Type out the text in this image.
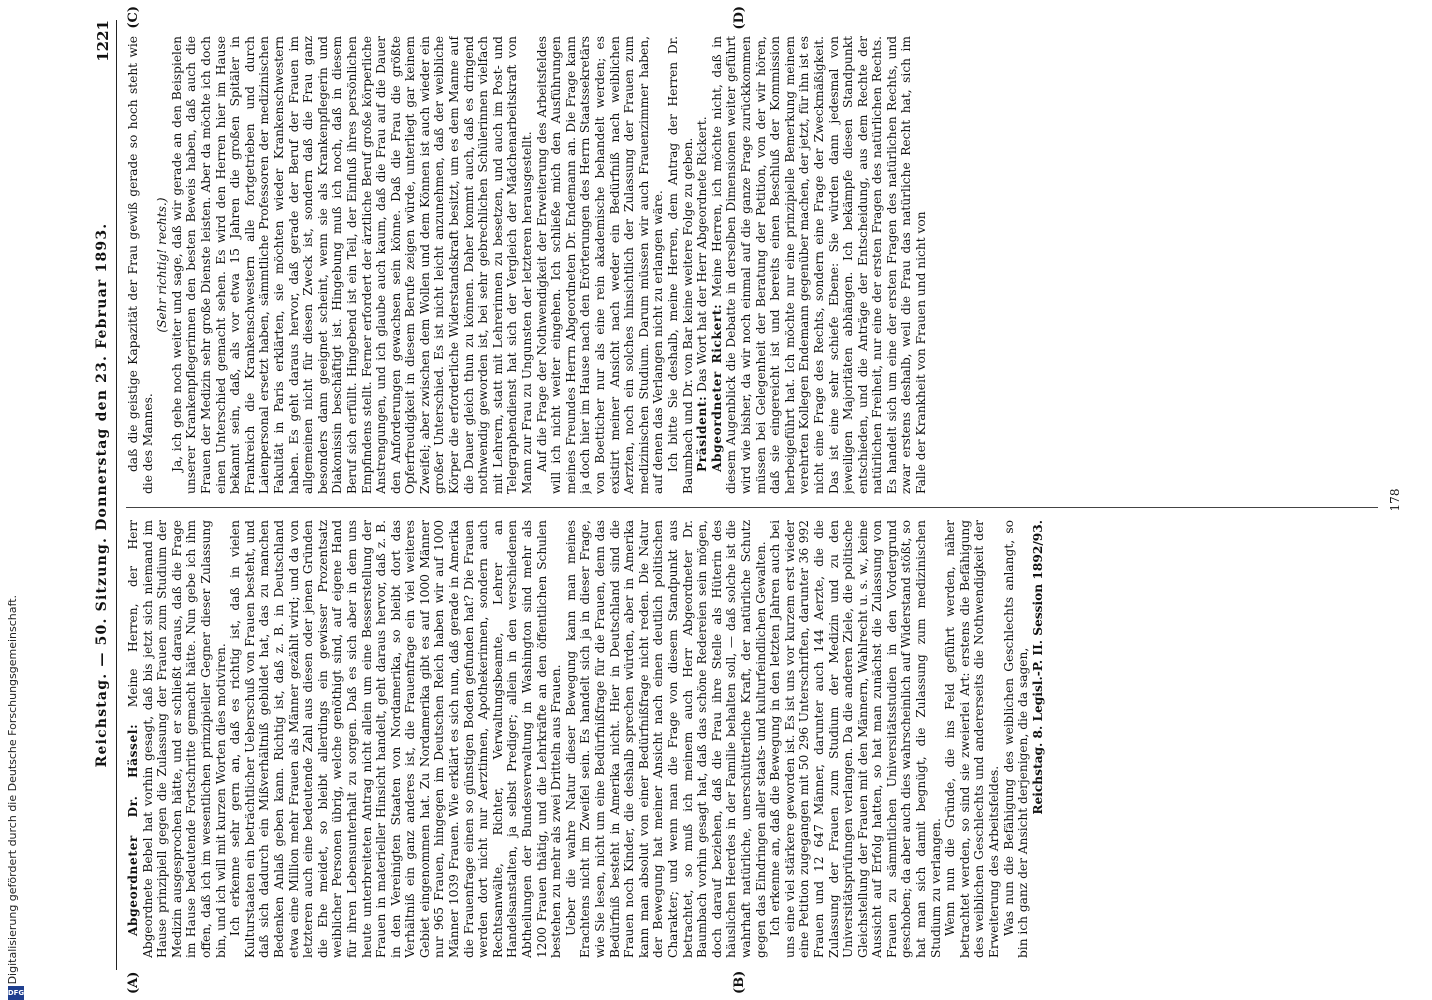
Digitalisierung gefördert durch die Deutsche Forschungsgemeinschaft.
DFG
Reichstag. — 50. Sitzung. Donnerstag den 23. Februar 1893.
1221
(A)	(B)
(C)	(D)

Abgeordneter Dr. Hässel: Meine Herren, der Herr Abgeordnete Bebel hat vorhin gesagt, daß bis jetzt sich niemand im Hause prinzipiell gegen die Zulassung der Frauen zum Studium der Medizin ausgesprochen hätte, und er schließt daraus, daß die Frage im Hause bedeutende Fortschritte gemacht hätte. Nun gebe ich ihm offen, daß ich im wesentlichen prinzipieller Gegner dieser Zulassung bin, und ich will mit kurzen Worten dies motiviren. Ich erkenne sehr gern an, daß es richtig ist, daß in vielen Kulturstaaten ein beträchtlicher Ueberschuß von Frauen besteht, und daß sich dadurch ein Mißverhältniß gebildet hat, das zu manchen Bedenken Anlaß geben kann. Richtig ist, daß z. B. in Deutschland etwa eine Million mehr Frauen als Männer gezählt wird; und da von letzteren auch eine bedeutende Zahl aus diesen oder jenen Gründen die Ehe meidet, so bleibt allerdings ein gewisser Prozentsatz weiblicher Personen übrig, welche genöthigt sind, auf eigene Hand für ihren Lebensunterhalt zu sorgen. Daß es sich aber in dem uns heute unterbreiteten Antrag nicht allein um eine Besserstellung der Frauen in materieller Hinsicht handelt, geht daraus hervor, daß z. B. in den Vereinigten Staaten von Nordamerika, so bleibt dort das Verhältniß ein ganz anderes ist, die Frauenfrage ein viel weiteres Gebiet eingenommen hat. Zu Nordamerika gibt es auf 1000 Männer nur 965 Frauen, hingegen im Deutschen Reich haben wir auf 1000 Männer 1039 Frauen. Wie erklärt es sich nun, daß gerade in Amerika die Frauenfrage einen so günstigen Boden gefunden hat? Die Frauen werden dort nicht nur Aerztinnen, Apothekerinnen, sondern auch Rechtsanwälte, Richter, Verwaltungsbeamte, Lehrer an Handelsanstalten, ja selbst Prediger; allein in den verschiedenen Abtheilungen der Bundesverwaltung in Washington sind mehr als 1200 Frauen thätig, und die Lehrkräfte an den öffentlichen Schulen bestehen zu mehr als zwei Dritteln aus Frauen. Ueber die wahre Natur dieser Bewegung kann man meines Erachtens nicht im Zweifel sein. Es handelt sich ja in dieser Frage, wie Sie lesen, nicht um eine Bedürfnißfrage für die Frauen, denn das Bedürfniß besteht in Amerika nicht. Hier in Deutschland sind die Frauen noch Kinder, die deshalb sprechen würden, aber in Amerika kann man absolut von einer Bedürfnißfrage nicht reden. Die Natur der Bewegung hat meiner Ansicht nach einen deutlich politischen Charakter; und wenn man die Frage von diesem Standpunkt aus betrachtet, so muß ich meinem auch Herr Abgeordneter Dr. Baumbach vorhin gesagt hat, daß das schöne Redereien sein mögen, doch darauf beziehen, daß die Frau ihre Stelle als Hüterin des häuslichen Heerdes in der Familie behalten soll, — daß solche ist die wahrhaft natürliche, unerschütterliche Kraft, der natürliche Schutz gegen das Eindringen aller staats- und kulturfeindlichen Gewalten. Ich erkenne an, daß die Bewegung in den letzten Jahren auch bei uns eine viel stärkere geworden ist. Es ist uns vor kurzem erst wieder eine Petition zugegangen mit 50 296 Unterschriften, darunter 36 992 Frauen und 12 647 Männer, darunter auch 144 Aerzte, die die Zulassung der Frauen zum Studium der Medizin und zu den Universitätsprüfungen verlangen. Da die anderen Ziele, die politische Gleichstellung der Frauen mit den Männern, Wahlrecht u. s. w., keine Aussicht auf Erfolg hatten, so hat man zunächst die Zulassung von Frauen zu sämmtlichen Universitätsstudien in den Vordergrund geschoben; da aber auch dies wahrscheinlich auf Widerstand stößt, so hat man sich damit begnügt, die Zulassung zum medizinischen Studium zu verlangen. Wenn nun die Gründe, die ins Feld geführt werden, näher betrachtet werden, so sind sie zweierlei Art: erstens die Befähigung des weiblichen Geschlechts und andererseits die Nothwendigkeit der Erweiterung des Arbeitsfeldes. Was nun die Befähigung des weiblichen Geschlechts anlangt, so bin ich ganz der Ansicht derjenigen, die da sagen, Reichstag. 8. Legisl.-P. II. Session 1892/93.

daß die geistige Kapazität der Frau gewiß gerade so hoch steht wie die des Mannes.

(Sehr richtig! rechts.) Ja, ich gehe noch weiter und sage, daß wir gerade an den Beispielen unserer Krankenpflegerinnen den besten Beweis haben, daß auch die Frauen der Medizin sehr große Dienste leisten. Aber da möchte ich doch einen Unterschied gemacht sehen. Es wird den Herren hier im Hause bekannt sein, daß, als vor etwa 15 Jahren die großen Spitäler in Frankreich die Krankenschwestern alle fortgetrieben und durch Laienpersonal ersetzt haben, sämmtliche Professoren der medizinischen Fakultät in Paris erklärten, sie möchten wieder Krankenschwestern haben. Es geht daraus hervor, daß gerade der Beruf der Frauen im allgemeinen nicht für diesen Zweck ist, sondern daß die Frau ganz besonders dann geeignet scheint, wenn sie als Krankenpflegerin und Diakonissin beschäftigt ist. Hingebung muß ich noch, daß in diesem Beruf sich erfüllt. Hingebend ist ein Teil, der Einfluß ihres persönlichen Empfindens stellt. Ferner erfordert der ärztliche Beruf große körperliche Anstrengungen, und ich glaube auch kaum, daß die Frau auf die Dauer den Anforderungen gewachsen sein könne. Daß die Frau die größte Opferfreudigkeit in diesem Berufe zeigen würde, unterliegt gar keinem Zweifel; aber zwischen dem Wollen und dem Können ist auch wieder ein großer Unterschied. Es ist nicht leicht anzunehmen, daß der weibliche Körper die erforderliche Widerstandskraft besitzt, um es dem Manne auf die Dauer gleich thun zu können. Daher kommt auch, daß es dringend nothwendig geworden ist, bei sehr gebrechlichen Schülerinnen vielfach mit Lehrern, statt mit Lehrerinnen zu besetzen, und auch im Post- und Telegraphendienst hat sich der Vergleich der Mädchenarbeitskraft von Mann zur Frau zu Ungunsten der letzteren herausgestellt. Auf die Frage der Nothwendigkeit der Erweiterung des Arbeitsfeldes will ich nicht weiter eingehen. Ich schließe mich den Ausführungen meines Freundes Herrn Abgeordneten Dr. Endemann an. Die Frage kann ja doch hier im Hause nach den Erörterungen des Herrn Staatssekretärs von Boetticher nur als eine rein akademische behandelt werden; es existirt meiner Ansicht nach weder ein Bedürfniß nach weiblichen Aerzten, noch ein solches hinsichtlich der Zulassung der Frauen zum medizinischen Studium. Darum müssen wir auch Frauenzimmer haben, auf denen das Verlangen nicht zu erlangen wäre. Ich bitte Sie deshalb, meine Herren, dem Antrag der Herren Dr. Baumbach und Dr. von Bar keine weitere Folge zu geben. Präsident: Das Wort hat der Herr Abgeordnete Rickert. Abgeordneter Rickert: Meine Herren, ich möchte nicht, daß in diesem Augenblick die Debatte in derselben Dimensionen weiter geführt wird wie bisher, da wir noch einmal auf die ganze Frage zurückkommen müssen bei Gelegenheit der Beratung der Petition, von der wir hören, daß sie eingereicht ist und bereits einen Beschluß der Kommission herbeigeführt hat. Ich möchte nur eine prinzipielle Bemerkung meinem verehrten Kollegen Endemann gegenüber machen, der jetzt, für ihn ist es nicht eine Frage des Rechts, sondern eine Frage der Zweckmäßigkeit. Das ist eine sehr schiefe Ebene: Sie würden dann jedesmal von jeweiligen Majoritäten abhängen. Ich bekämpfe diesen Standpunkt entschieden, und die Anträge der Entscheidung, aus dem Rechte der natürlichen Freiheit, nur eine der ersten Fragen des natürlichen Rechts. Es handelt sich um eine der ersten Fragen des natürlichen Rechts, und zwar erstens deshalb, weil die Frau das natürliche Recht hat, sich im Falle der Krankheit von Frauen und nicht von

178
